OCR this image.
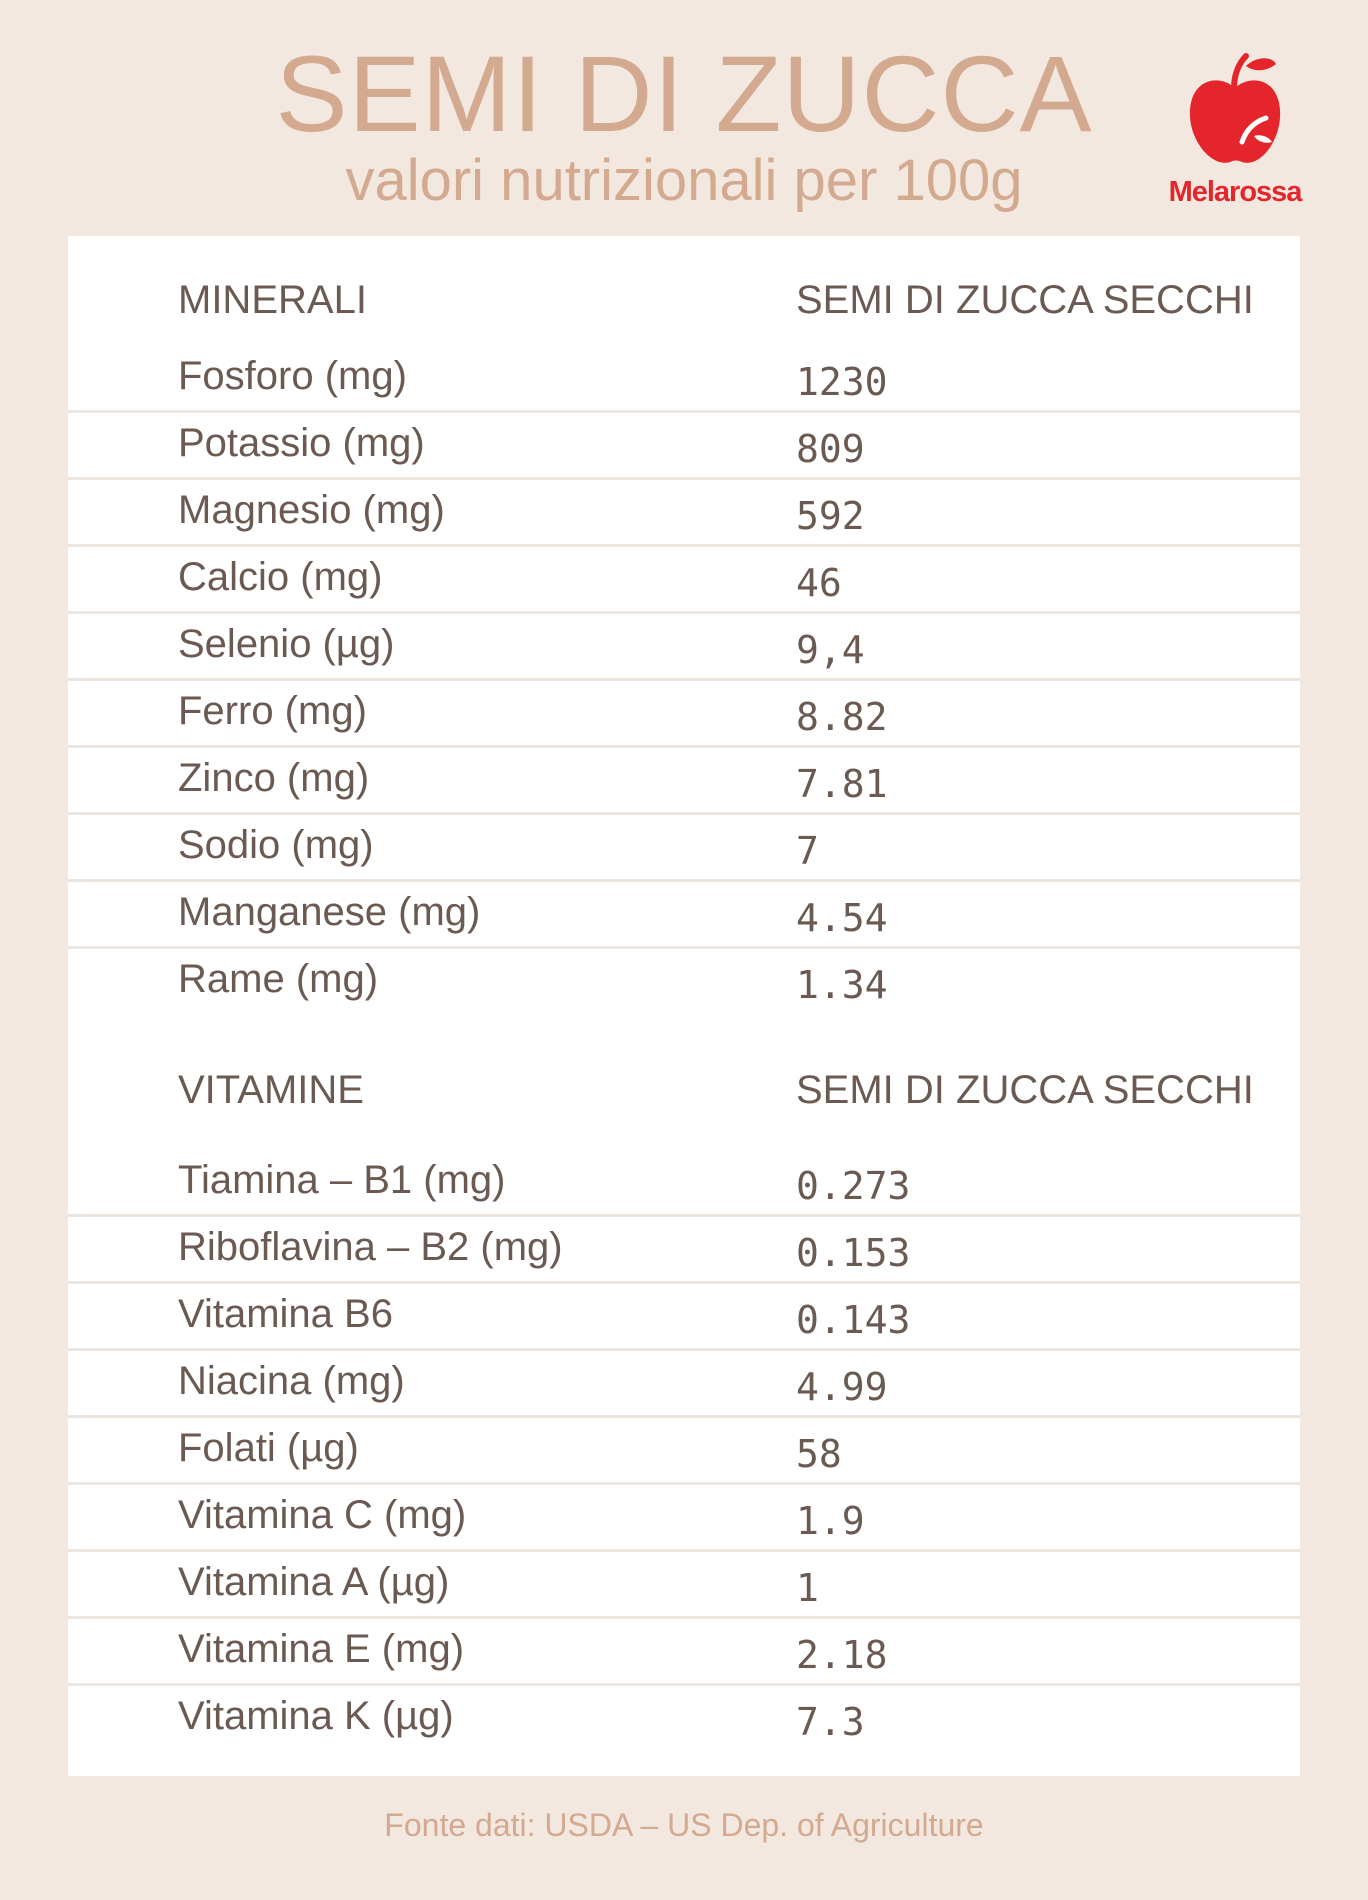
SEMI DI ZUCCA
valori nutrizionali per 100g	Melarossa
MINERALI	SEMI DI ZUCCA SECCHI
Fosforo (mg)	1230
Potassio (mg)	809
Magnesio (mg)	592
Calcio (mg)	46
Selenio (µg)	9,4
Ferro (mg)	8.82
Zinco (mg)	7.81
Sodio (mg)	7
Manganese (mg)	4.54
Rame (mg)	1.34
VITAMINE	SEMI DI ZUCCA SECCHI
Tiamina – B1 (mg)	0.273
Riboflavina – B2 (mg)	0.153
Vitamina B6	0.143
Niacina (mg)	4.99
Folati (µg)	58
Vitamina C (mg)	1.9
Vitamina A (µg)	1
Vitamina E (mg)	2.18
Vitamina K (µg)	7.3
Fonte dati: USDA – US Dep. of Agriculture
